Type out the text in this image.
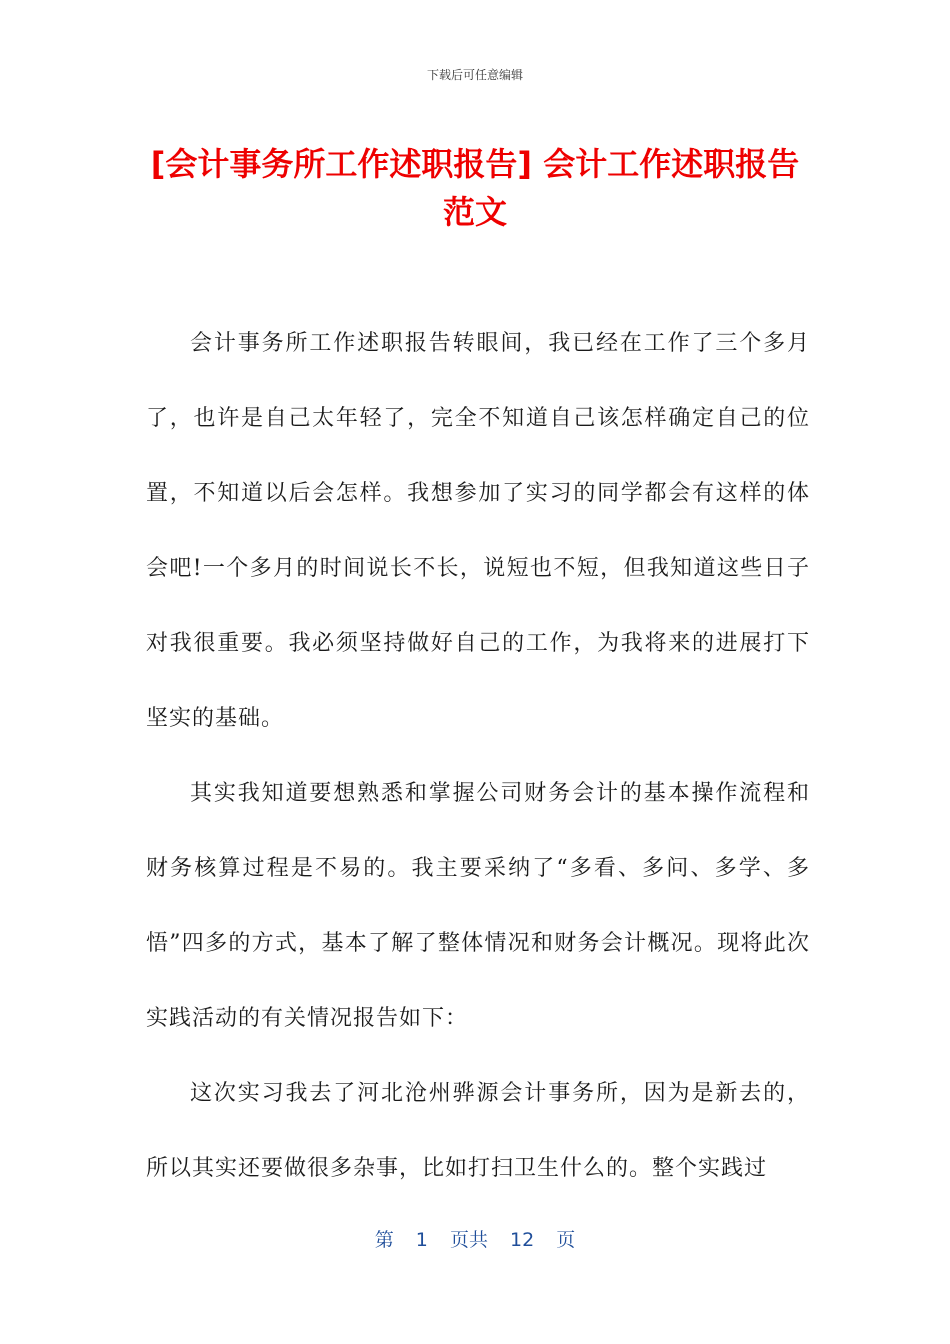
下载后可任意编辑
[会计事务所工作述职报告] 会计工作述职报告范文

会计事务所工作述职报告转眼间，我已经在工作了三个多月了，也许是自己太年轻了，完全不知道自己该怎样确定自己的位置，不知道以后会怎样。我想参加了实习的同学都会有这样的体会吧!一个多月的时间说长不长，说短也不短，但我知道这些日子对我很重要。我必须坚持做好自己的工作，为我将来的进展打下坚实的基础。

其实我知道要想熟悉和掌握公司财务会计的基本操作流程和财务核算过程是不易的。我主要采纳了“多看、多问、多学、多悟”四多的方式，基本了解了整体情况和财务会计概况。现将此次实践活动的有关情况报告如下：

这次实习我去了河北沧州骅源会计事务所，因为是新去的，所以其实还要做很多杂事，比如打扫卫生什么的。整个实践过

第 1 页共 12 页
